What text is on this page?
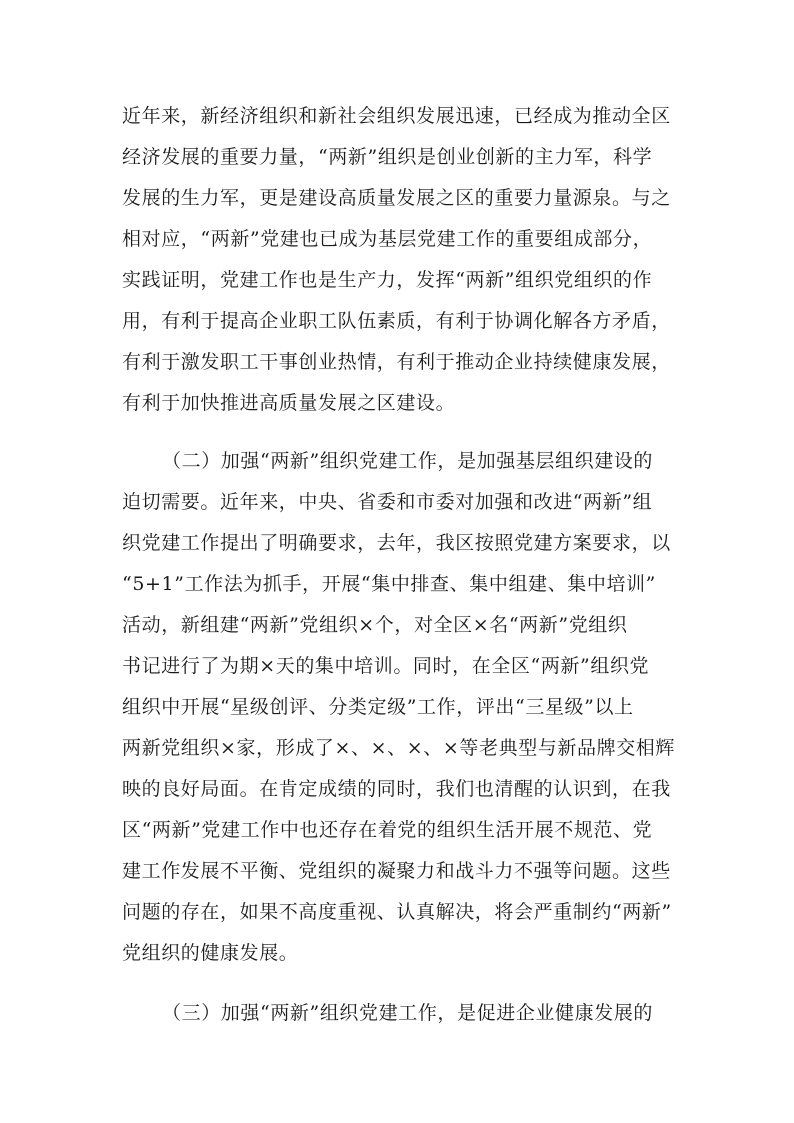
近年来，新经济组织和新社会组织发展迅速，已经成为推动全区
经济发展的重要力量，“两新”组织是创业创新的主力军，科学
发展的生力军，更是建设高质量发展之区的重要力量源泉。与之
相对应，“两新”党建也已成为基层党建工作的重要组成部分，
实践证明，党建工作也是生产力，发挥“两新”组织党组织的作
用，有利于提高企业职工队伍素质，有利于协调化解各方矛盾，
有利于激发职工干事创业热情，有利于推动企业持续健康发展，
有利于加快推进高质量发展之区建设。
（二）加强“两新”组织党建工作，是加强基层组织建设的
迫切需要。近年来，中央、省委和市委对加强和改进“两新”组
织党建工作提出了明确要求，去年，我区按照党建方案要求，以
“5+1”工作法为抓手，开展“集中排查、集中组建、集中培训”
活动，新组建“两新”党组织×个，对全区×名“两新”党组织
书记进行了为期×天的集中培训。同时，在全区“两新”组织党
组织中开展“星级创评、分类定级”工作，评出“三星级”以上
两新党组织×家，形成了×、×、×、×等老典型与新品牌交相辉
映的良好局面。在肯定成绩的同时，我们也清醒的认识到，在我
区“两新”党建工作中也还存在着党的组织生活开展不规范、党
建工作发展不平衡、党组织的凝聚力和战斗力不强等问题。这些
问题的存在，如果不高度重视、认真解决，将会严重制约“两新”
党组织的健康发展。
（三）加强“两新”组织党建工作，是促进企业健康发展的
